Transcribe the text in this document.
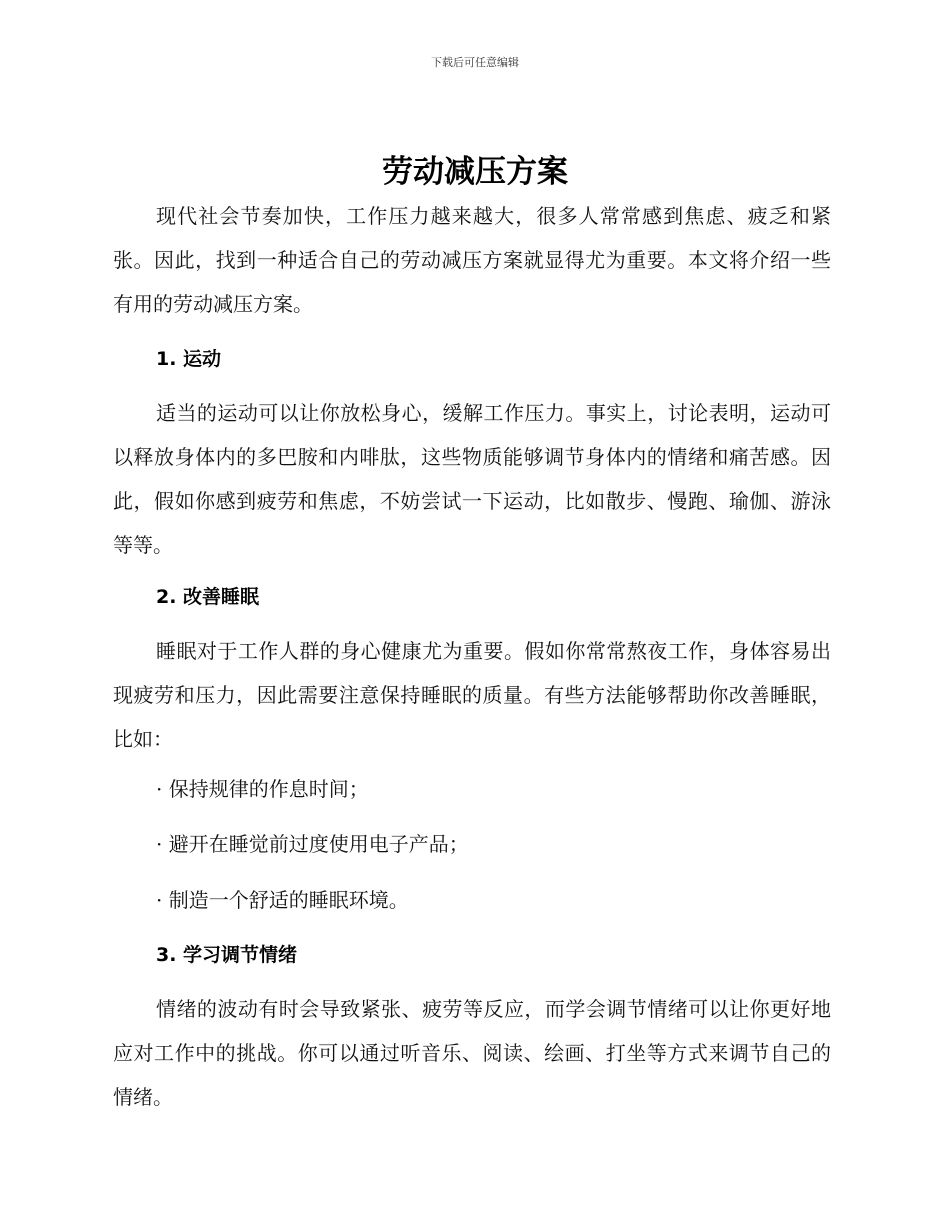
下载后可任意编辑
劳动减压方案

现代社会节奏加快，工作压力越来越大，很多人常常感到焦虑、疲乏和紧张。因此，找到一种适合自己的劳动减压方案就显得尤为重要。本文将介绍一些有用的劳动减压方案。

1. 运动

适当的运动可以让你放松身心，缓解工作压力。事实上，讨论表明，运动可以释放身体内的多巴胺和内啡肽，这些物质能够调节身体内的情绪和痛苦感。因此，假如你感到疲劳和焦虑，不妨尝试一下运动，比如散步、慢跑、瑜伽、游泳等等。

2. 改善睡眠

睡眠对于工作人群的身心健康尤为重要。假如你常常熬夜工作，身体容易出现疲劳和压力，因此需要注意保持睡眠的质量。有些方法能够帮助你改善睡眠，比如：

· 保持规律的作息时间；

· 避开在睡觉前过度使用电子产品；

· 制造一个舒适的睡眠环境。

3. 学习调节情绪

情绪的波动有时会导致紧张、疲劳等反应，而学会调节情绪可以让你更好地应对工作中的挑战。你可以通过听音乐、阅读、绘画、打坐等方式来调节自己的情绪。
